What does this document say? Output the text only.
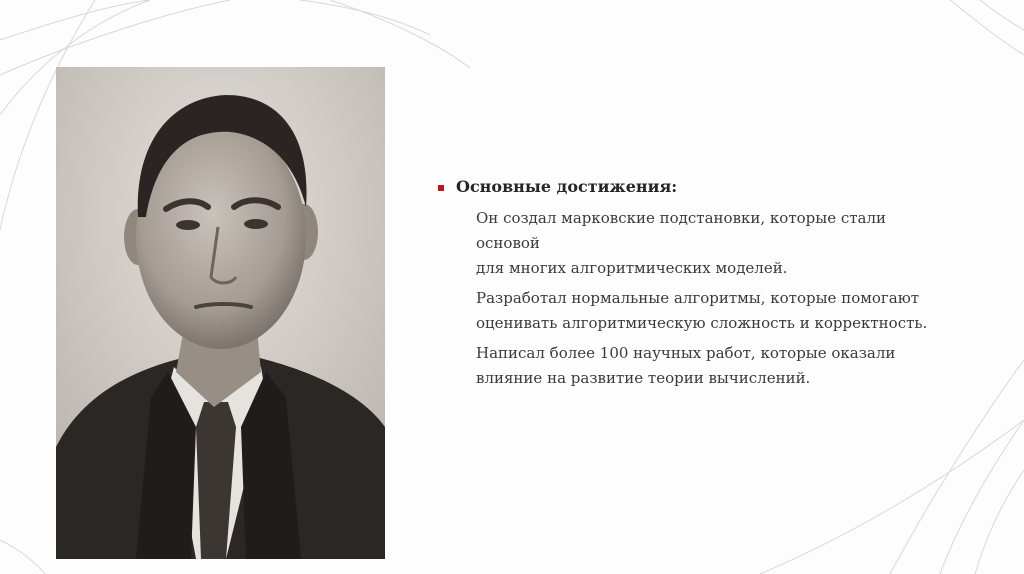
Основные достижения:
Он создал марковские подстановки, которые стали основой
для многих алгоритмических моделей.
Разработал нормальные алгоритмы, которые помогают
оценивать алгоритмическую сложность и корректность.
Написал более 100 научных работ, которые оказали
влияние на развитие теории вычислений.
